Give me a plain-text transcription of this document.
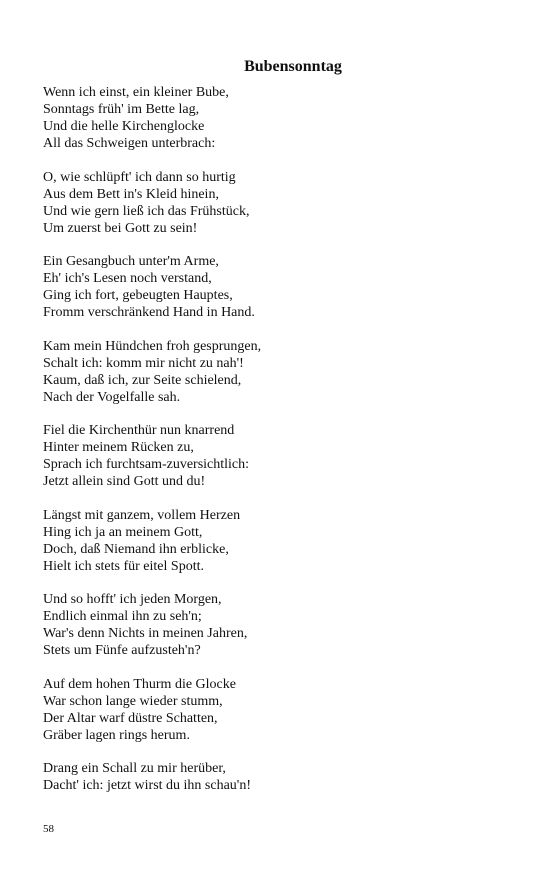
Bubensonntag
Wenn ich einst, ein kleiner Bube,
Sonntags früh' im Bette lag,
Und die helle Kirchenglocke
All das Schweigen unterbrach:
O, wie schlüpft' ich dann so hurtig
Aus dem Bett in's Kleid hinein,
Und wie gern ließ ich das Frühstück,
Um zuerst bei Gott zu sein!
Ein Gesangbuch unter'm Arme,
Eh' ich's Lesen noch verstand,
Ging ich fort, gebeugten Hauptes,
Fromm verschränkend Hand in Hand.
Kam mein Hündchen froh gesprungen,
Schalt ich: komm mir nicht zu nah'!
Kaum, daß ich, zur Seite schielend,
Nach der Vogelfalle sah.
Fiel die Kirchenthür nun knarrend
Hinter meinem Rücken zu,
Sprach ich furchtsam-zuversichtlich:
Jetzt allein sind Gott und du!
Längst mit ganzem, vollem Herzen
Hing ich ja an meinem Gott,
Doch, daß Niemand ihn erblicke,
Hielt ich stets für eitel Spott.
Und so hofft' ich jeden Morgen,
Endlich einmal ihn zu seh'n;
War's denn Nichts in meinen Jahren,
Stets um Fünfe aufzusteh'n?
Auf dem hohen Thurm die Glocke
War schon lange wieder stumm,
Der Altar warf düstre Schatten,
Gräber lagen rings herum.
Drang ein Schall zu mir herüber,
Dacht' ich: jetzt wirst du ihn schau'n!
58
